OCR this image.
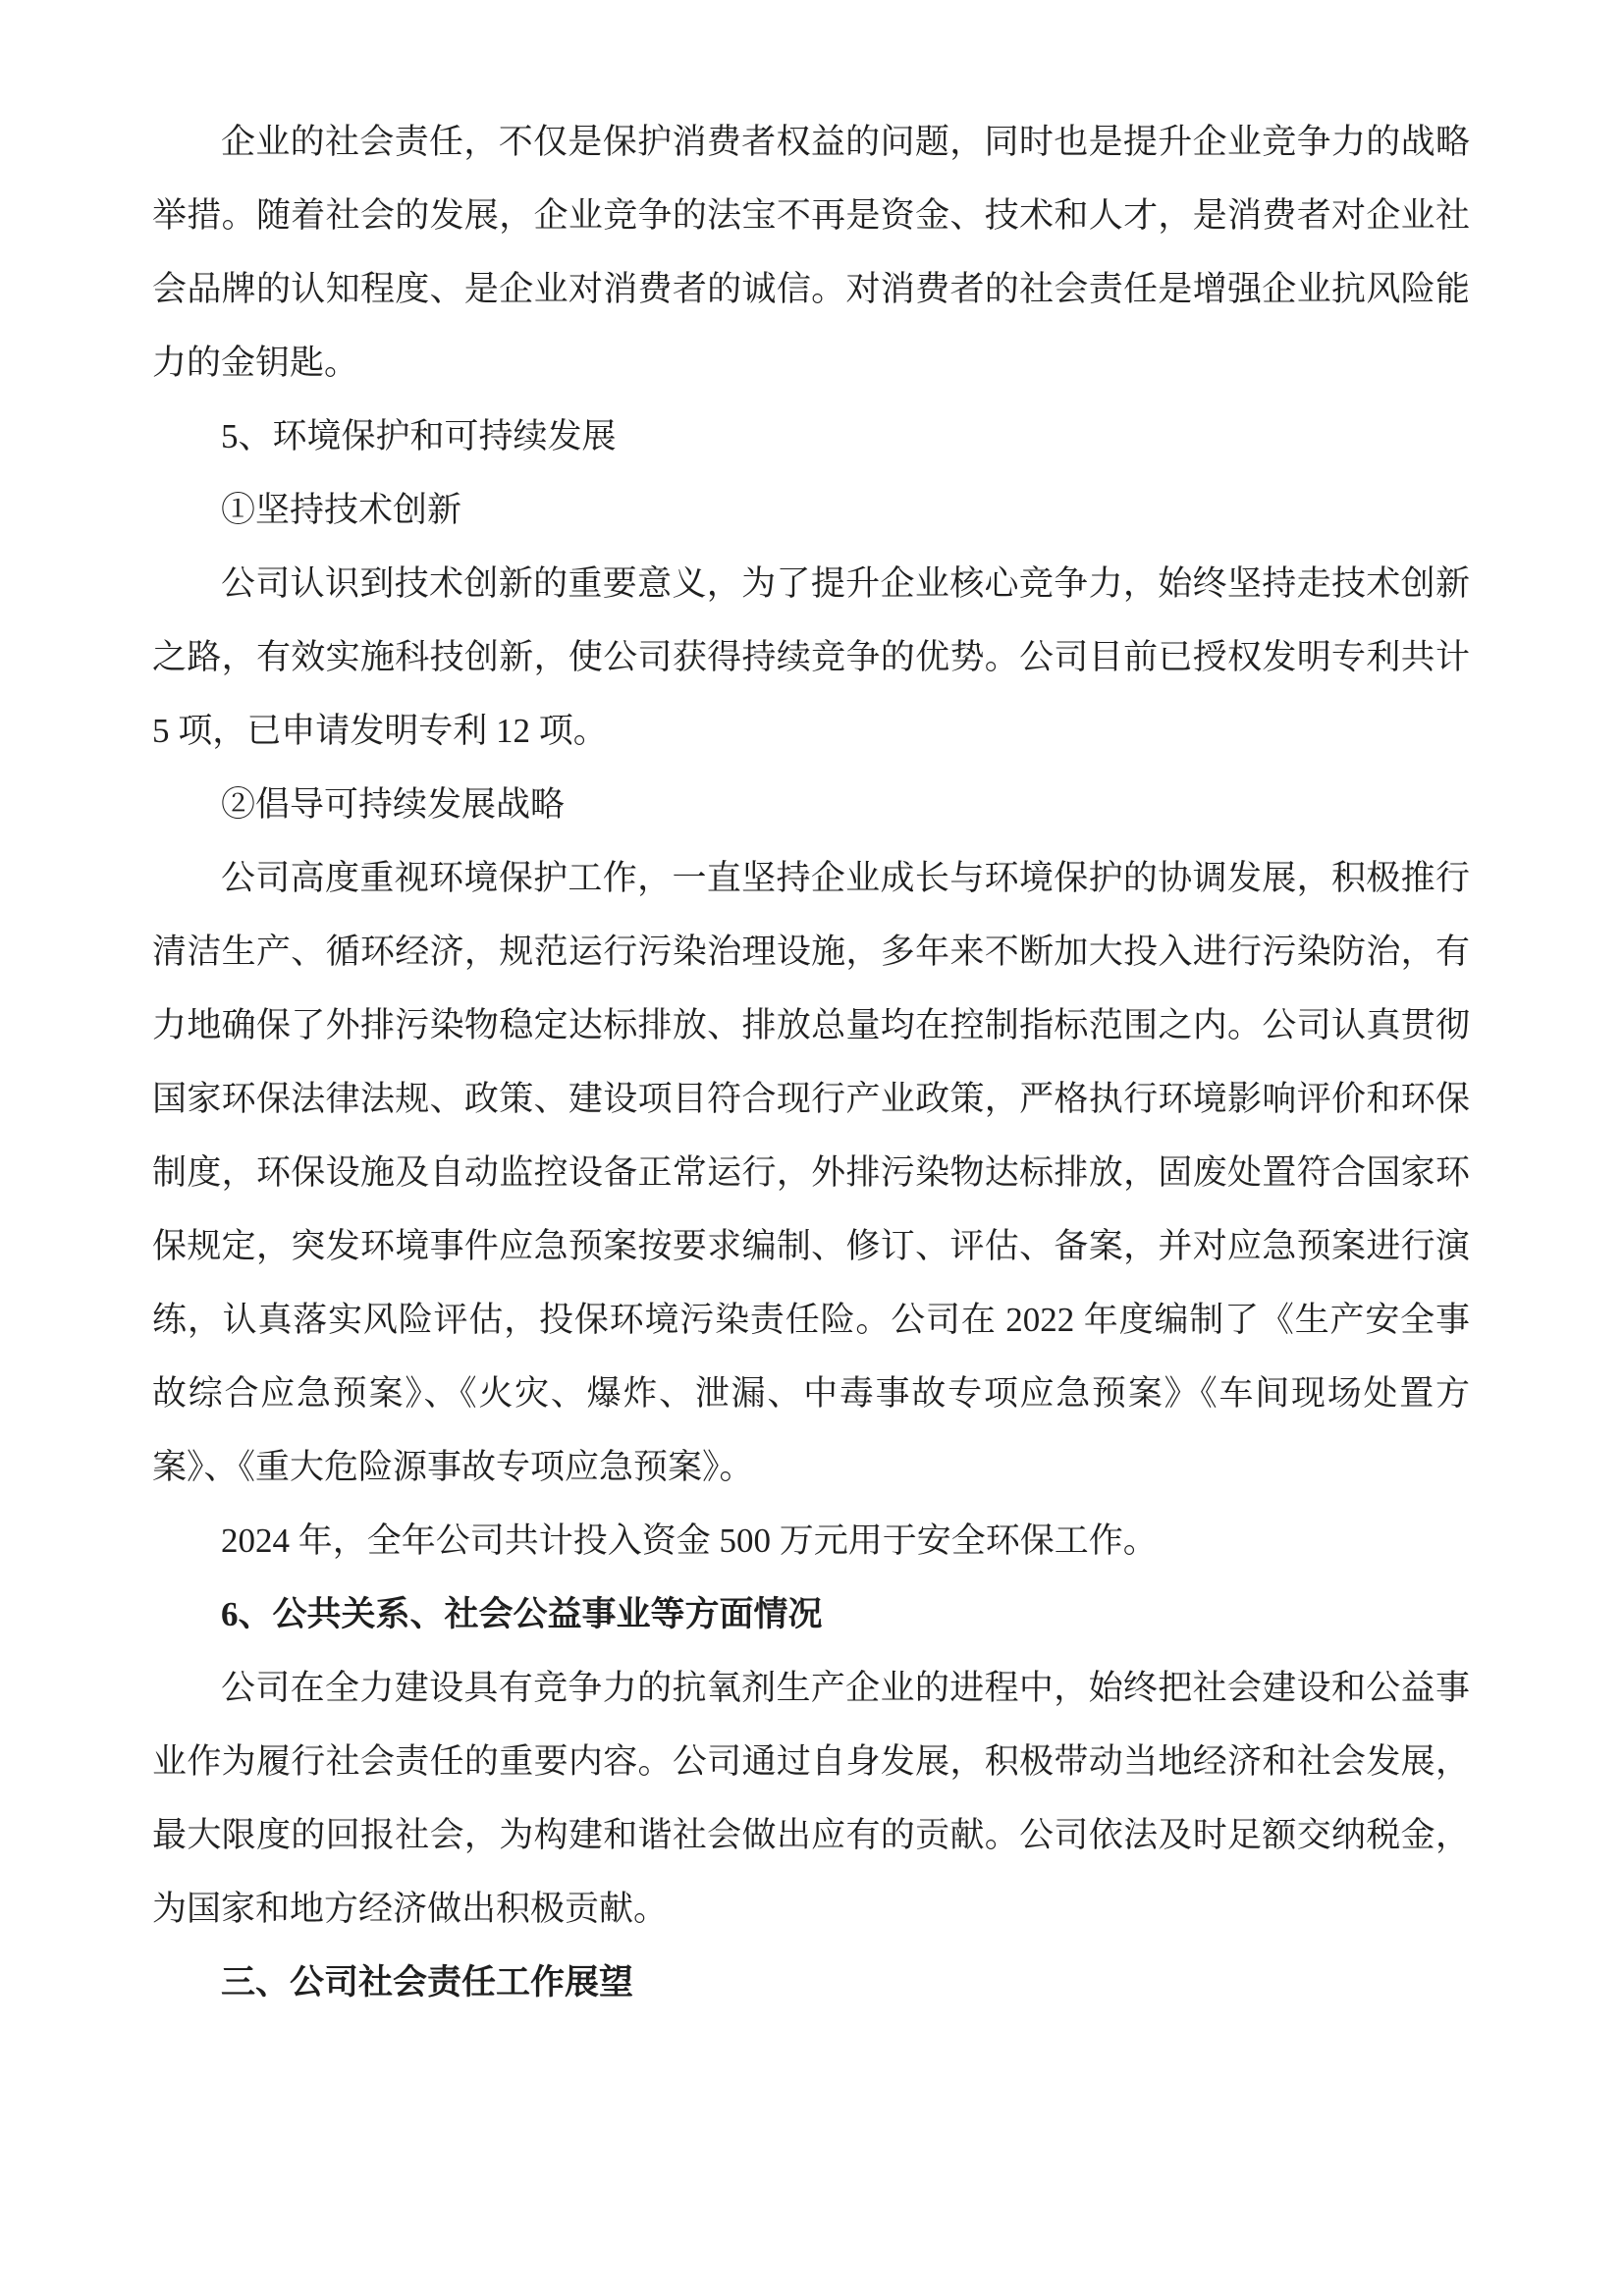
企业的社会责任，不仅是保护消费者权益的问题，同时也是提升企业竞争力的战略举措。随着社会的发展，企业竞争的法宝不再是资金、技术和人才，是消费者对企业社会品牌的认知程度、是企业对消费者的诚信。对消费者的社会责任是增强企业抗风险能力的金钥匙。

5、环境保护和可持续发展

①坚持技术创新

公司认识到技术创新的重要意义，为了提升企业核心竞争力，始终坚持走技术创新之路，有效实施科技创新，使公司获得持续竞争的优势。公司目前已授权发明专利共计 5 项，已申请发明专利 12 项。

②倡导可持续发展战略

公司高度重视环境保护工作，一直坚持企业成长与环境保护的协调发展，积极推行清洁生产、循环经济，规范运行污染治理设施，多年来不断加大投入进行污染防治，有力地确保了外排污染物稳定达标排放、排放总量均在控制指标范围之内。公司认真贯彻国家环保法律法规、政策、建设项目符合现行产业政策，严格执行环境影响评价和环保制度，环保设施及自动监控设备正常运行，外排污染物达标排放，固废处置符合国家环保规定，突发环境事件应急预案按要求编制、修订、评估、备案，并对应急预案进行演练，认真落实风险评估，投保环境污染责任险。公司在 2022 年度编制了《生产安全事故综合应急预案》、《火灾、爆炸、泄漏、中毒事故专项应急预案》《车间现场处置方案》、《重大危险源事故专项应急预案》。

2024 年，全年公司共计投入资金 500 万元用于安全环保工作。

6、公共关系、社会公益事业等方面情况

公司在全力建设具有竞争力的抗氧剂生产企业的进程中，始终把社会建设和公益事业作为履行社会责任的重要内容。公司通过自身发展，积极带动当地经济和社会发展，最大限度的回报社会，为构建和谐社会做出应有的贡献。公司依法及时足额交纳税金，为国家和地方经济做出积极贡献。

三、公司社会责任工作展望
